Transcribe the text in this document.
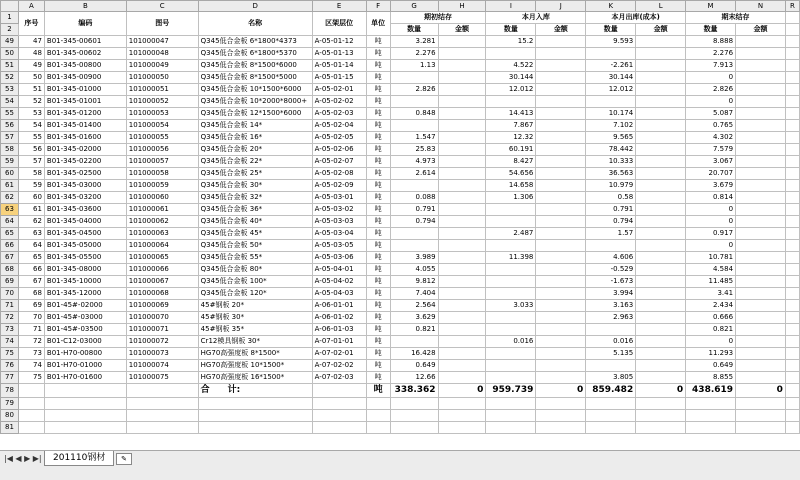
	A	B	C	D	E	F	G	H	I	J	K	L	M	N	R
1	序号	编码	图号	名称	区架层位	单位	期初结存		本月入库		本月出库(成本)		期末结存		
2							数量	金额	数量	金额	数量	金额	数量	金额	
49	47	B01-345-00601	101000047	Q345低合金板 6*1800*4373	A-05-01-12	吨	3.281		15.2		9.593		8.888		
50	48	B01-345-00602	101000048	Q345低合金板 6*1800*5370	A-05-01-13	吨	2.276						2.276		
51	49	B01-345-00800	101000049	Q345低合金板 8*1500*6000	A-05-01-14	吨	1.13		4.522		-2.261		7.913		
52	50	B01-345-00900	101000050	Q345低合金板 8*1500*5000	A-05-01-15	吨			30.144		30.144		0		
53	51	B01-345-01000	101000051	Q345低合金板 10*1500*6000	A-05-02-01	吨	2.826		12.012		12.012		2.826		
54	52	B01-345-01001	101000052	Q345低合金板 10*2000*8000+	A-05-02-02	吨							0		
55	53	B01-345-01200	101000053	Q345低合金板 12*1500*6000	A-05-02-03	吨	0.848		14.413		10.174		5.087		
56	54	B01-345-01400	101000054	Q345低合金板 14*	A-05-02-04	吨			7.867		7.102		0.765		
57	55	B01-345-01600	101000055	Q345低合金板 16*	A-05-02-05	吨	1.547		12.32		9.565		4.302		
58	56	B01-345-02000	101000056	Q345低合金板 20*	A-05-02-06	吨	25.83		60.191		78.442		7.579		
59	57	B01-345-02200	101000057	Q345低合金板 22*	A-05-02-07	吨	4.973		8.427		10.333		3.067		
60	58	B01-345-02500	101000058	Q345低合金板 25*	A-05-02-08	吨	2.614		54.656		36.563		20.707		
61	59	B01-345-03000	101000059	Q345低合金板 30*	A-05-02-09	吨			14.658		10.979		3.679		
62	60	B01-345-03200	101000060	Q345低合金板 32*	A-05-03-01	吨	0.088		1.306		0.58		0.814		
63	61	B01-345-03600	101000061	Q345低合金板 36*	A-05-03-02	吨	0.791				0.791		0		
64	62	B01-345-04000	101000062	Q345低合金板 40*	A-05-03-03	吨	0.794				0.794		0		
65	63	B01-345-04500	101000063	Q345低合金板 45*	A-05-03-04	吨			2.487		1.57		0.917		
66	64	B01-345-05000	101000064	Q345低合金板 50*	A-05-03-05	吨							0		
67	65	B01-345-05500	101000065	Q345低合金板 55*	A-05-03-06	吨	3.989		11.398		4.606		10.781		
68	66	B01-345-08000	101000066	Q345低合金板 80*	A-05-04-01	吨	4.055				-0.529		4.584		
69	67	B01-345-10000	101000067	Q345低合金板 100*	A-05-04-02	吨	9.812				-1.673		11.485		
70	68	B01-345-12000	101000068	Q345低合金板 120*	A-05-04-03	吨	7.404				3.994		3.41		
71	69	B01-45#-02000	101000069	45#钢板 20*	A-06-01-01	吨	2.564		3.033		3.163		2.434		
72	70	B01-45#-03000	101000070	45#钢板 30*	A-06-01-02	吨	3.629				2.963		0.666		
73	71	B01-45#-03500	101000071	45#钢板 35*	A-06-01-03	吨	0.821						0.821		
74	72	B01-C12-03000	101000072	Cr12模具钢板 30*	A-07-01-01	吨			0.016		0.016		0		
75	73	B01-H70-00800	101000073	HG70高强度板 8*1500*	A-07-02-01	吨	16.428				5.135		11.293		
76	74	B01-H70-01000	101000074	HG70高强度板 10*1500*	A-07-02-02	吨	0.649						0.649		
77	75	B01-H70-01600	101000075	HG70高强度板 16*1500*	A-07-02-03	吨	12.66				3.805		8.855		
78				合　　计:		吨	338.362	0	959.739	0	859.482	0	438.619	0	
79															
80															
81															
|◀ ◀ ▶ ▶|	201110钢材	✎
